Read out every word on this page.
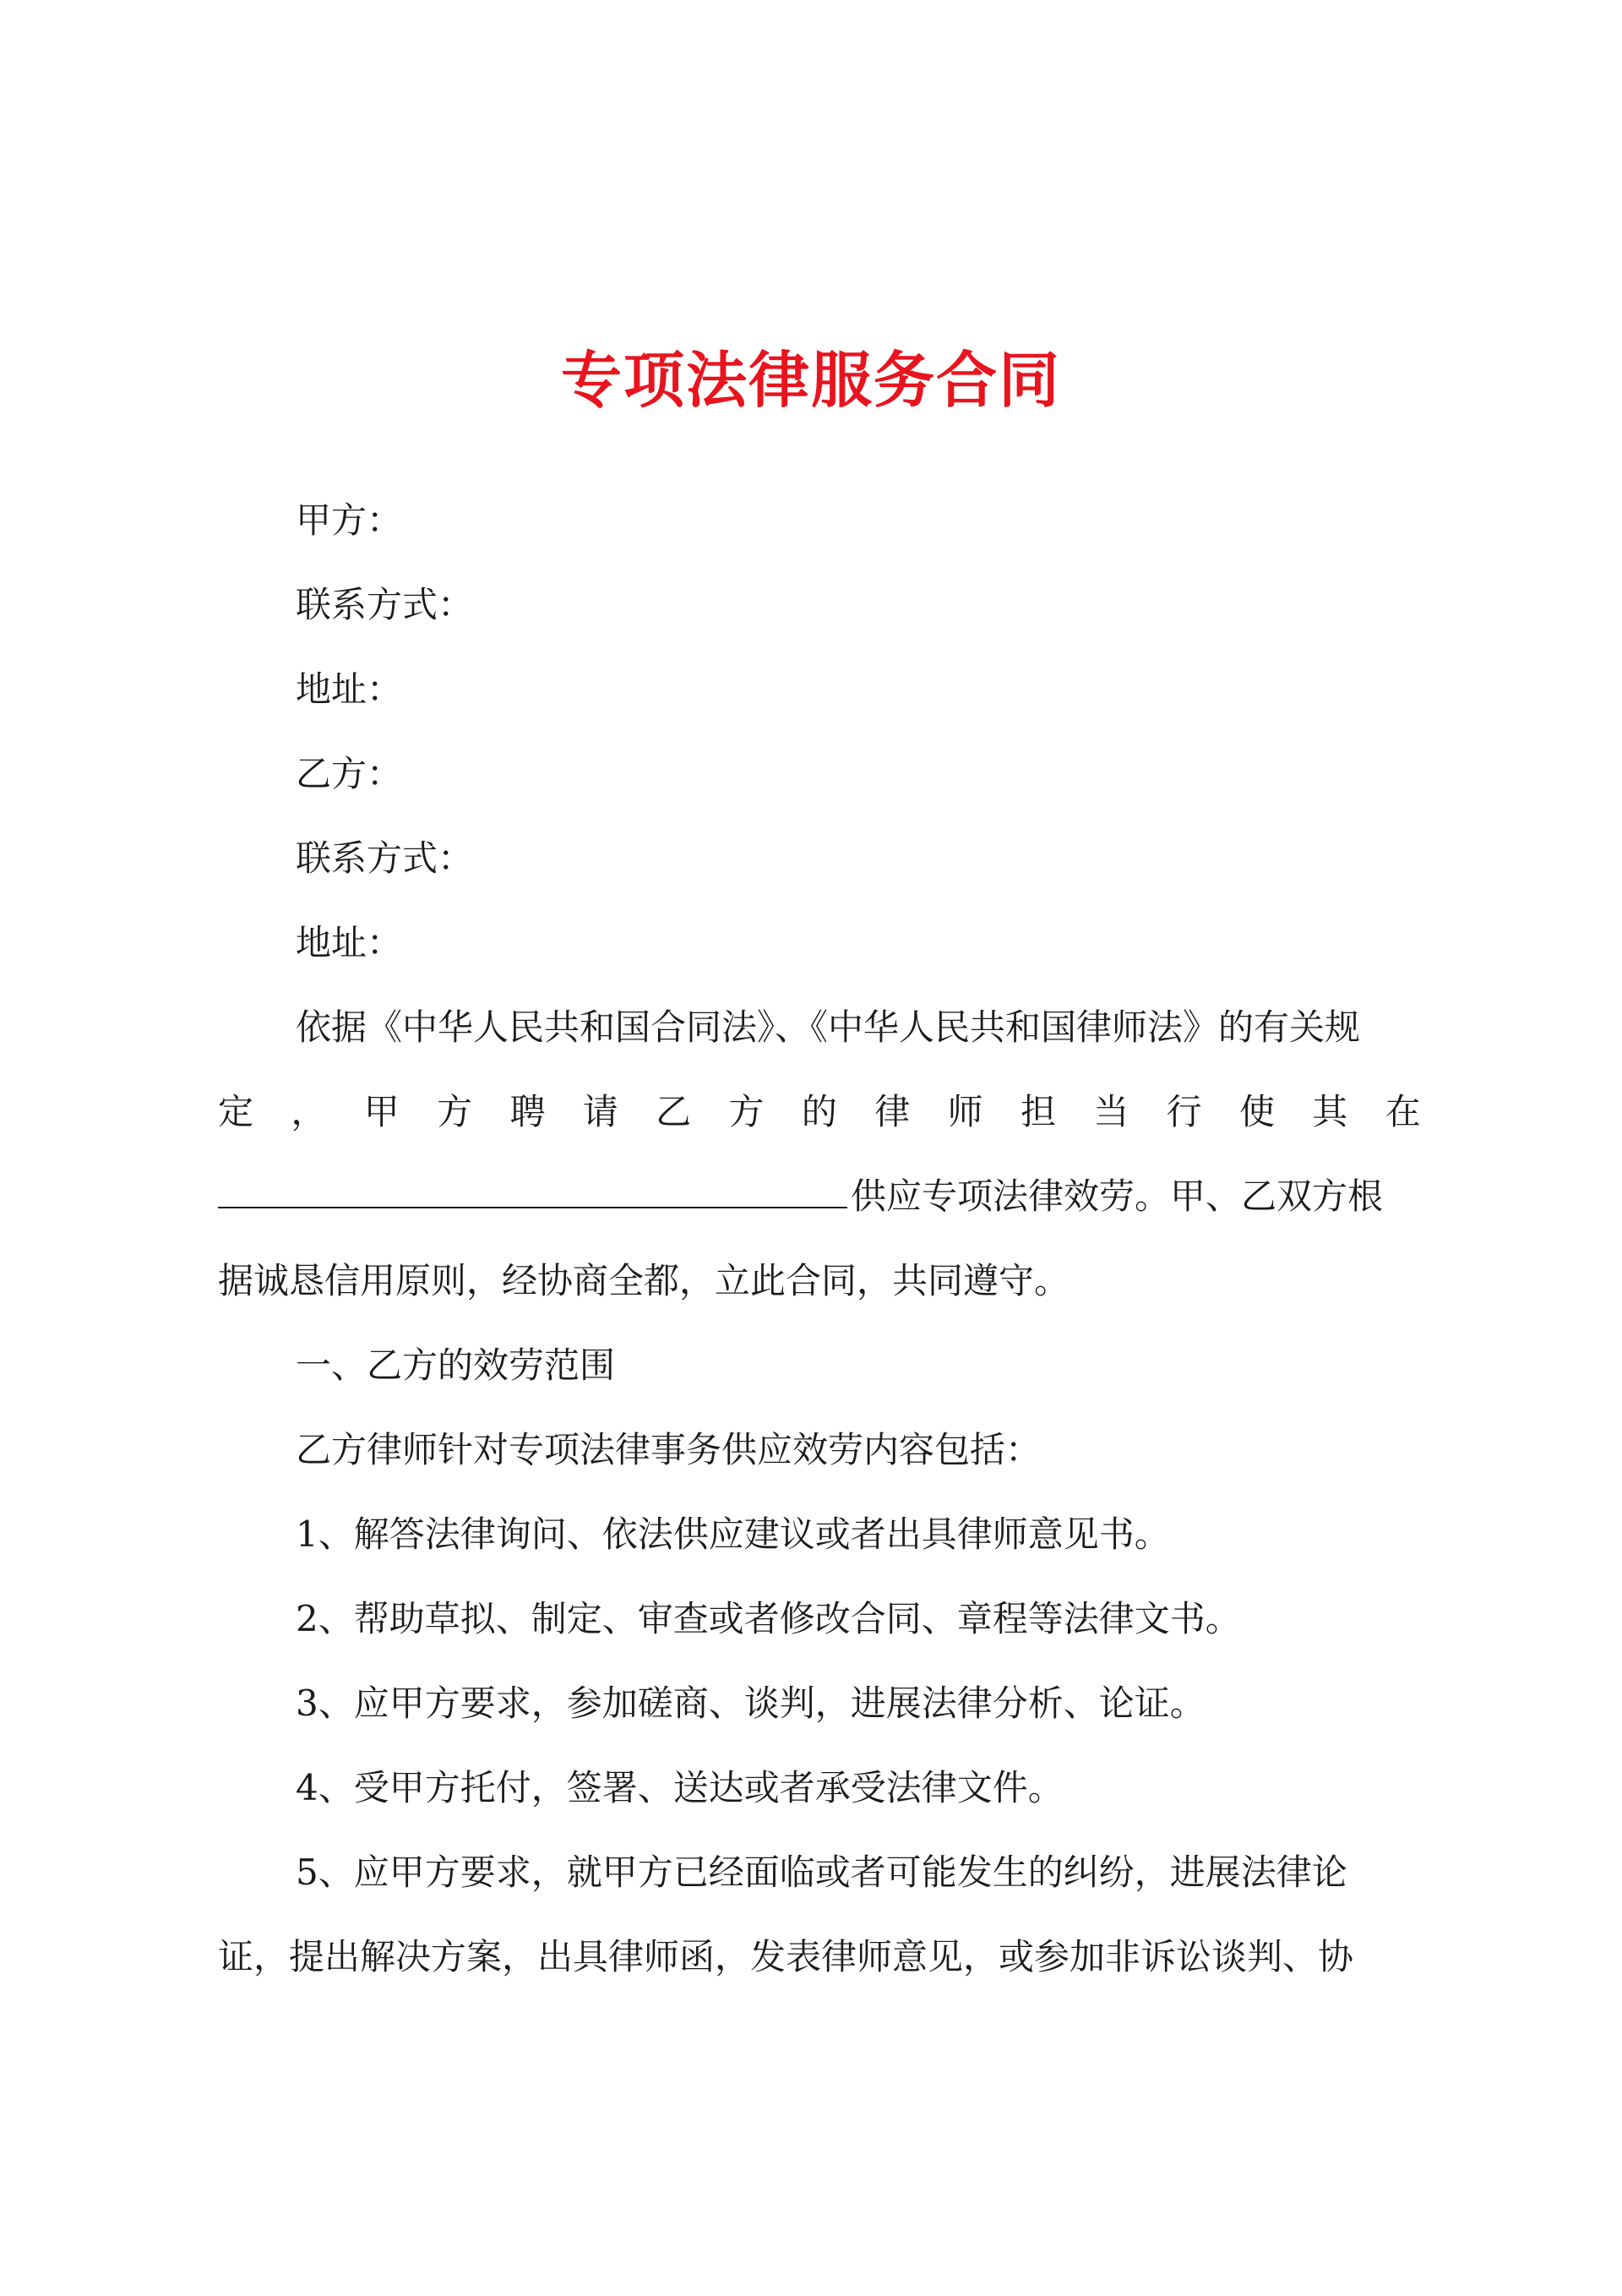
专项法律服务合同
甲方：
联系方式：
地址：
乙方：
联系方式：
地址：
依据《中华人民共和国合同法》、《中华人民共和国律师法》的有关规
定 ， 甲 方 聘 请 乙 方 的 律 师 担 当 行 使 其 在
供应专项法律效劳。甲、乙双方根
据诚恳信用原则，经协商全都，立此合同，共同遵守。
一、乙方的效劳范围
乙方律师针对专项法律事务供应效劳内容包括：
1、解答法律询问、依法供应建议或者出具律师意见书。
2、帮助草拟、制定、审查或者修改合同、章程等法律文书。
3、应甲方要求，参加磋商、谈判，进展法律分析、论证。
4、受甲方托付，签署、送达或者承受法律文件。
5、应甲方要求，就甲方已经面临或者可能发生的纠纷，进展法律论
证，提出解决方案，出具律师函，发表律师意见，或参加非诉讼谈判、协
